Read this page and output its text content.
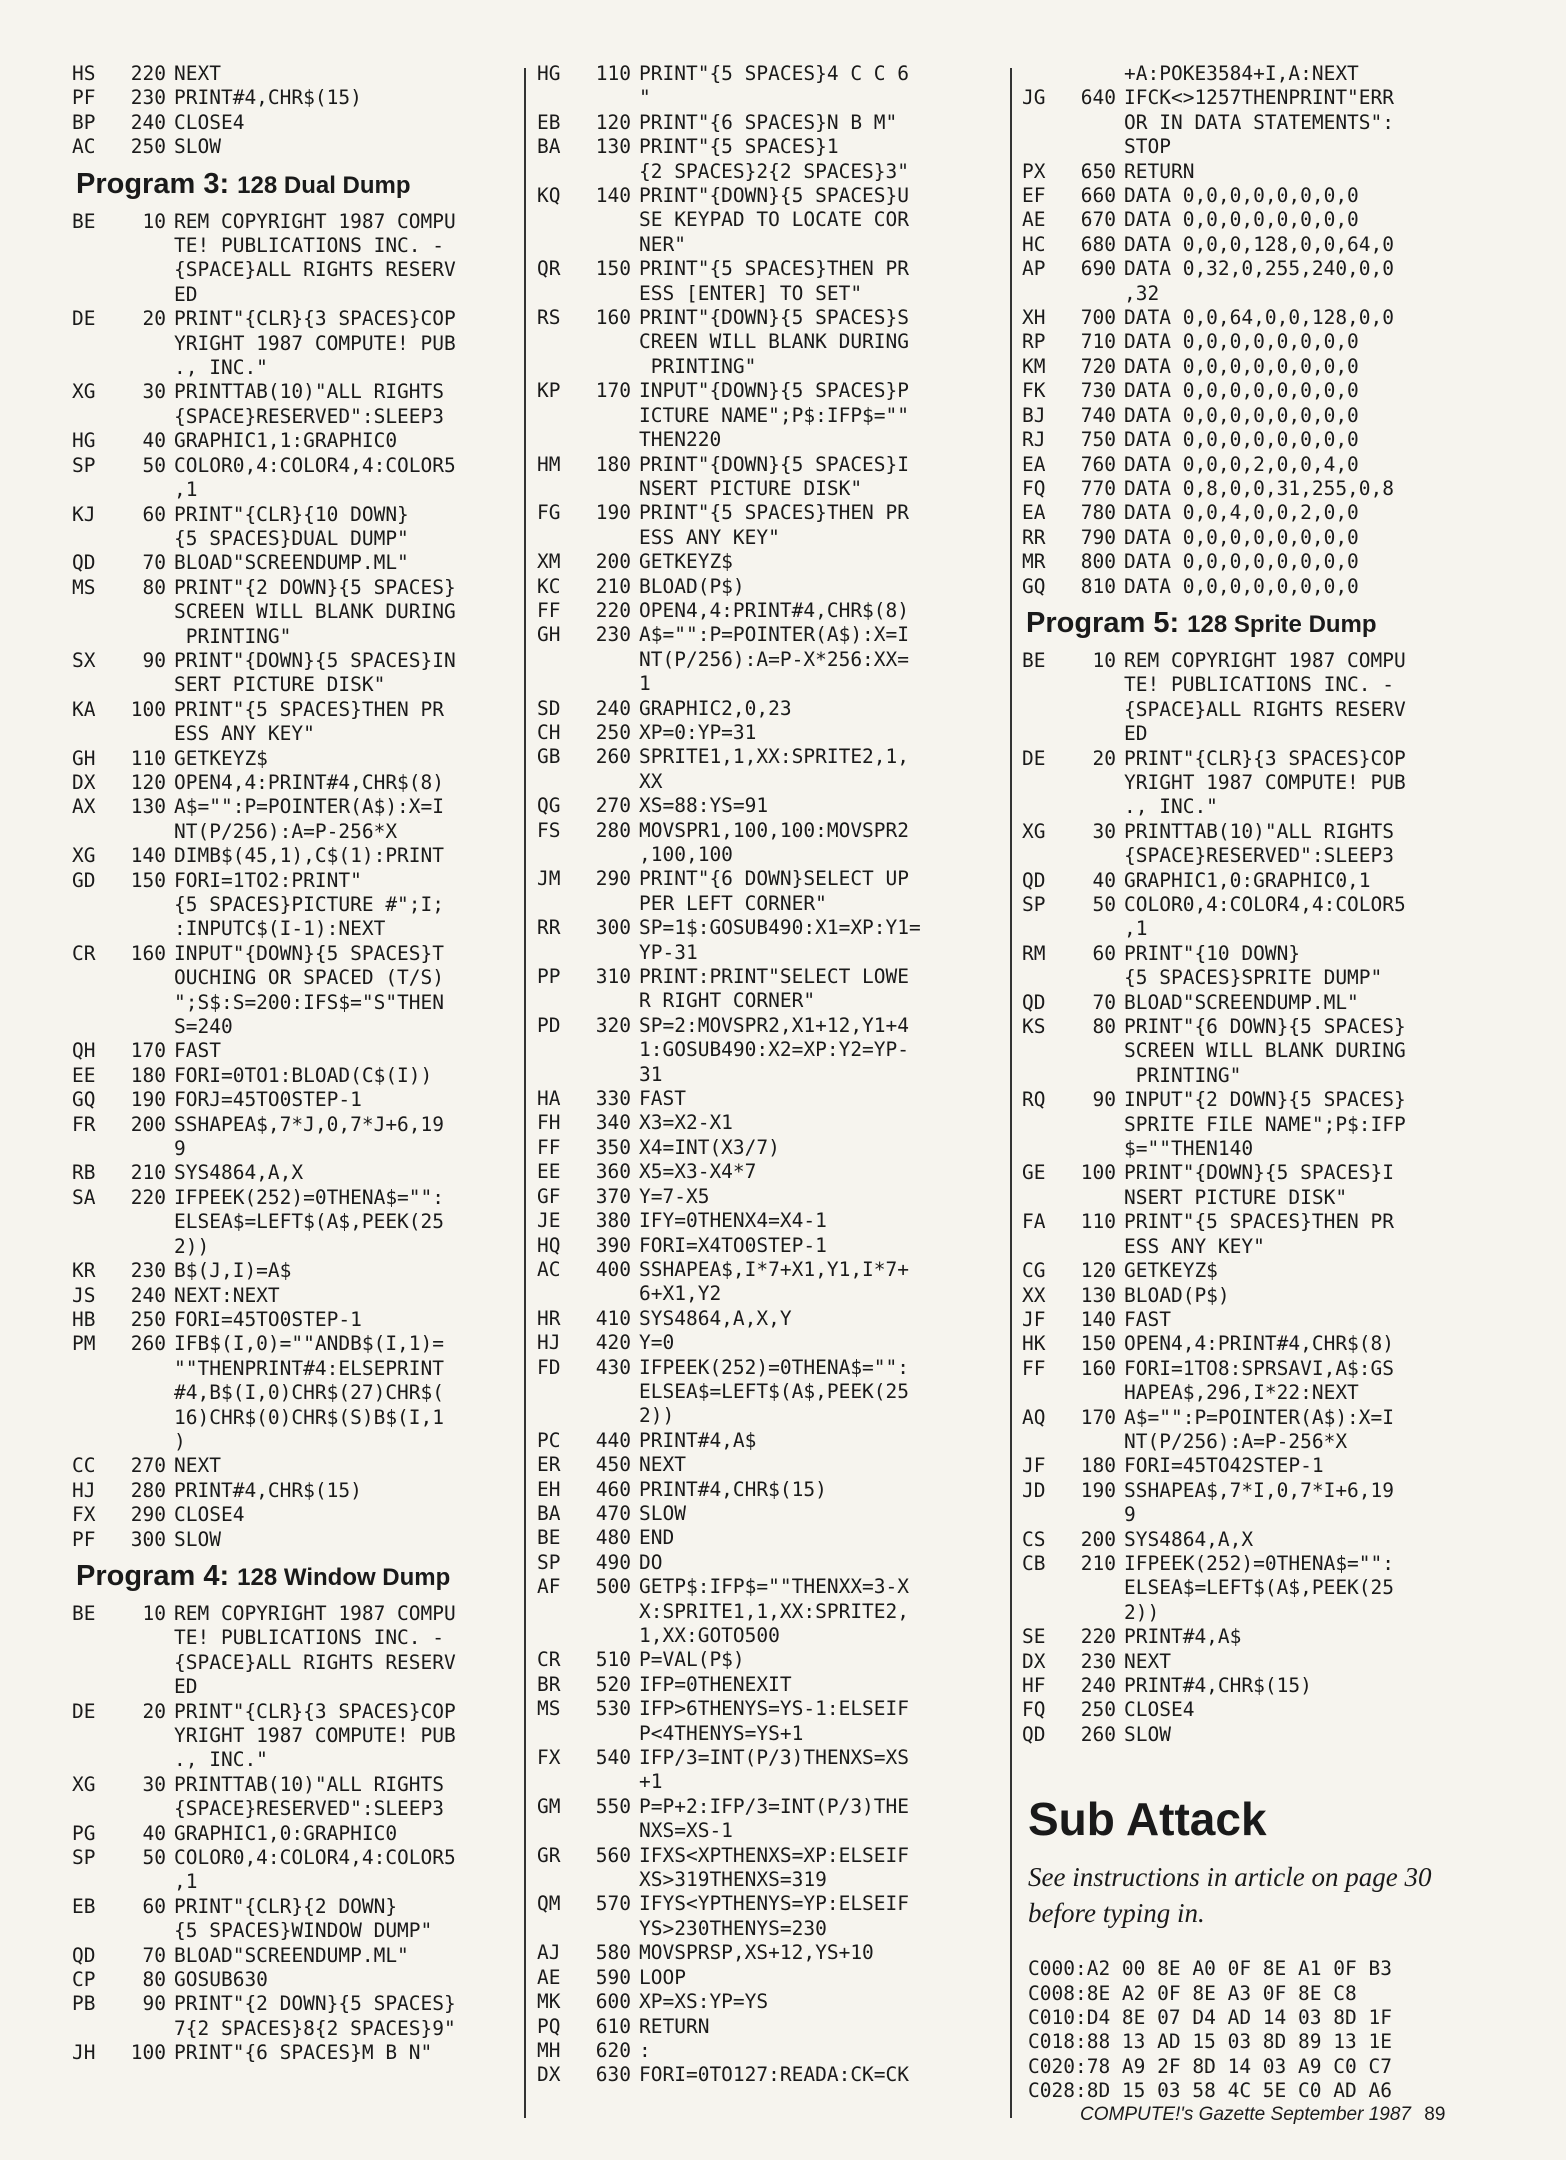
HS	220 NEXT
PF	230 PRINT#4,CHR$(15)
BP	240 CLOSE4
AC	250 SLOW
Program 3: 128 Dual Dump
BE	10 REM COPYRIGHT 1987 COMPU
TE! PUBLICATIONS INC. -
{SPACE}ALL RIGHTS RESERV
ED
DE	20 PRINT"{CLR}{3 SPACES}COP
YRIGHT 1987 COMPUTE! PUB
., INC."
XG	30 PRINTTAB(10)"ALL RIGHTS
{SPACE}RESERVED":SLEEP3
HG	40 GRAPHIC1,1:GRAPHIC0
SP	50 COLOR0,4:COLOR4,4:COLOR5
,1
KJ	60 PRINT"{CLR}{10 DOWN}
{5 SPACES}DUAL DUMP"
QD	70 BLOAD"SCREENDUMP.ML"
MS	80 PRINT"{2 DOWN}{5 SPACES}
SCREEN WILL BLANK DURING
PRINTING"
SX	90 PRINT"{DOWN}{5 SPACES}IN
SERT PICTURE DISK"
KA	100 PRINT"{5 SPACES}THEN PR
ESS ANY KEY"
GH	110 GETKEYZ$
DX	120 OPEN4,4:PRINT#4,CHR$(8)
AX	130 A$="":P=POINTER(A$):X=I
NT(P/256):A=P-256*X
XG	140 DIMB$(45,1),C$(1):PRINT
GD	150 FORI=1TO2:PRINT"
{5 SPACES}PICTURE #";I;
:INPUTC$(I-1):NEXT
CR	160 INPUT"{DOWN}{5 SPACES}T
OUCHING OR SPACED (T/S)
";S$:S=200:IFS$="S"THEN
S=240
QH	170 FAST
EE	180 FORI=0TO1:BLOAD(C$(I))
GQ	190 FORJ=45TO0STEP-1
FR	200 SSHAPEA$,7*J,0,7*J+6,19
9
RB	210 SYS4864,A,X
SA	220 IFPEEK(252)=0THENA$="":
ELSEA$=LEFT$(A$,PEEK(25
2))
KR	230 B$(J,I)=A$
JS	240 NEXT:NEXT
HB	250 FORI=45TO0STEP-1
PM	260 IFB$(I,0)=""ANDB$(I,1)=
""THENPRINT#4:ELSEPRINT
#4,B$(I,0)CHR$(27)CHR$(
16)CHR$(0)CHR$(S)B$(I,1
)
CC	270 NEXT
HJ	280 PRINT#4,CHR$(15)
FX	290 CLOSE4
PF	300 SLOW
Program 4: 128 Window Dump
BE	10 REM COPYRIGHT 1987 COMPU
TE! PUBLICATIONS INC. -
{SPACE}ALL RIGHTS RESERV
ED
DE	20 PRINT"{CLR}{3 SPACES}COP
YRIGHT 1987 COMPUTE! PUB
., INC."
XG	30 PRINTTAB(10)"ALL RIGHTS
{SPACE}RESERVED":SLEEP3
PG	40 GRAPHIC1,0:GRAPHIC0
SP	50 COLOR0,4:COLOR4,4:COLOR5
,1
EB	60 PRINT"{CLR}{2 DOWN}
{5 SPACES}WINDOW DUMP"
QD	70 BLOAD"SCREENDUMP.ML"
CP	80 GOSUB630
PB	90 PRINT"{2 DOWN}{5 SPACES}
7{2 SPACES}8{2 SPACES}9"
JH	100 PRINT"{6 SPACES}M B N"
HG	110 PRINT"{5 SPACES}4 C C 6
"
EB	120 PRINT"{6 SPACES}N B M"
BA	130 PRINT"{5 SPACES}1
{2 SPACES}2{2 SPACES}3"
KQ	140 PRINT"{DOWN}{5 SPACES}U
SE KEYPAD TO LOCATE COR
NER"
QR	150 PRINT"{5 SPACES}THEN PR
ESS [ENTER] TO SET"
RS	160 PRINT"{DOWN}{5 SPACES}S
CREEN WILL BLANK DURING
PRINTING"
KP	170 INPUT"{DOWN}{5 SPACES}P
ICTURE NAME";P$:IFP$=""
THEN220
HM	180 PRINT"{DOWN}{5 SPACES}I
NSERT PICTURE DISK"
FG	190 PRINT"{5 SPACES}THEN PR
ESS ANY KEY"
XM	200 GETKEYZ$
KC	210 BLOAD(P$)
FF	220 OPEN4,4:PRINT#4,CHR$(8)
GH	230 A$="":P=POINTER(A$):X=I
NT(P/256):A=P-X*256:XX=
1
SD	240 GRAPHIC2,0,23
CH	250 XP=0:YP=31
GB	260 SPRITE1,1,XX:SPRITE2,1,
XX
QG	270 XS=88:YS=91
FS	280 MOVSPR1,100,100:MOVSPR2
,100,100
JM	290 PRINT"{6 DOWN}SELECT UP
PER LEFT CORNER"
RR	300 SP=1$:GOSUB490:X1=XP:Y1=
YP-31
PP	310 PRINT:PRINT"SELECT LOWE
R RIGHT CORNER"
PD	320 SP=2:MOVSPR2,X1+12,Y1+4
1:GOSUB490:X2=XP:Y2=YP-
31
HA	330 FAST
FH	340 X3=X2-X1
FF	350 X4=INT(X3/7)
EE	360 X5=X3-X4*7
GF	370 Y=7-X5
JE	380 IFY=0THENX4=X4-1
HQ	390 FORI=X4TO0STEP-1
AC	400 SSHAPEA$,I*7+X1,Y1,I*7+
6+X1,Y2
HR	410 SYS4864,A,X,Y
HJ	420 Y=0
FD	430 IFPEEK(252)=0THENA$="":
ELSEA$=LEFT$(A$,PEEK(25
2))
PC	440 PRINT#4,A$
ER	450 NEXT
EH	460 PRINT#4,CHR$(15)
BA	470 SLOW
BE	480 END
SP	490 DO
AF	500 GETP$:IFP$=""THENXX=3-X
X:SPRITE1,1,XX:SPRITE2,
1,XX:GOTO500
CR	510 P=VAL(P$)
BR	520 IFP=0THENEXIT
MS	530 IFP>6THENYS=YS-1:ELSEIF
P<4THENYS=YS+1
FX	540 IFP/3=INT(P/3)THENXS=XS
+1
GM	550 P=P+2:IFP/3=INT(P/3)THE
NXS=XS-1
GR	560 IFXS<XPTHENXS=XP:ELSEIF
XS>319THENXS=319
QM	570 IFYS<YPTHENYS=YP:ELSEIF
YS>230THENYS=230
AJ	580 MOVSPRSP,XS+12,YS+10
AE	590 LOOP
MK	600 XP=XS:YP=YS
PQ	610 RETURN
MH	620 :
DX	630 FORI=0TO127:READA:CK=CK
+A:POKE3584+I,A:NEXT
JG	640 IFCK<>1257THENPRINT"ERR
OR IN DATA STATEMENTS":
STOP
PX	650 RETURN
EF	660 DATA 0,0,0,0,0,0,0,0
AE	670 DATA 0,0,0,0,0,0,0,0
HC	680 DATA 0,0,0,128,0,0,64,0
AP	690 DATA 0,32,0,255,240,0,0
,32
XH	700 DATA 0,0,64,0,0,128,0,0
RP	710 DATA 0,0,0,0,0,0,0,0
KM	720 DATA 0,0,0,0,0,0,0,0
FK	730 DATA 0,0,0,0,0,0,0,0
BJ	740 DATA 0,0,0,0,0,0,0,0
RJ	750 DATA 0,0,0,0,0,0,0,0
EA	760 DATA 0,0,0,2,0,0,4,0
FQ	770 DATA 0,8,0,0,31,255,0,8
EA	780 DATA 0,0,4,0,0,2,0,0
RR	790 DATA 0,0,0,0,0,0,0,0
MR	800 DATA 0,0,0,0,0,0,0,0
GQ	810 DATA 0,0,0,0,0,0,0,0
Program 5: 128 Sprite Dump
BE	10 REM COPYRIGHT 1987 COMPU
TE! PUBLICATIONS INC. -
{SPACE}ALL RIGHTS RESERV
ED
DE	20 PRINT"{CLR}{3 SPACES}COP
YRIGHT 1987 COMPUTE! PUB
., INC."
XG	30 PRINTTAB(10)"ALL RIGHTS
{SPACE}RESERVED":SLEEP3
QD	40 GRAPHIC1,0:GRAPHIC0,1
SP	50 COLOR0,4:COLOR4,4:COLOR5
,1
RM	60 PRINT"{10 DOWN}
{5 SPACES}SPRITE DUMP"
QD	70 BLOAD"SCREENDUMP.ML"
KS	80 PRINT"{6 DOWN}{5 SPACES}
SCREEN WILL BLANK DURING
PRINTING"
RQ	90 INPUT"{2 DOWN}{5 SPACES}
SPRITE FILE NAME";P$:IFP
$=""THEN140
GE	100 PRINT"{DOWN}{5 SPACES}I
NSERT PICTURE DISK"
FA	110 PRINT"{5 SPACES}THEN PR
ESS ANY KEY"
CG	120 GETKEYZ$
XX	130 BLOAD(P$)
JF	140 FAST
HK	150 OPEN4,4:PRINT#4,CHR$(8)
FF	160 FORI=1TO8:SPRSAVI,A$:GS
HAPEA$,296,I*22:NEXT
AQ	170 A$="":P=POINTER(A$):X=I
NT(P/256):A=P-256*X
JF	180 FORI=45TO42STEP-1
JD	190 SSHAPEA$,7*I,0,7*I+6,19
9
CS	200 SYS4864,A,X
CB	210 IFPEEK(252)=0THENA$="":
ELSEA$=LEFT$(A$,PEEK(25
2))
SE	220 PRINT#4,A$
DX	230 NEXT
HF	240 PRINT#4,CHR$(15)
FQ	250 CLOSE4
QD	260 SLOW
Sub Attack
See instructions in article on page 30 before typing in.
C000:A2 00 8E A0 0F 8E A1 0F B3
C008:8E A2 0F 8E A3 0F 8E C8
C010:D4 8E 07 D4 AD 14 03 8D 1F
C018:88 13 AD 15 03 8D 89 13 1E
C020:78 A9 2F 8D 14 03 A9 C0 C7
C028:8D 15 03 58 4C 5E C0 AD A6
COMPUTE!'s Gazette September 1987 89
